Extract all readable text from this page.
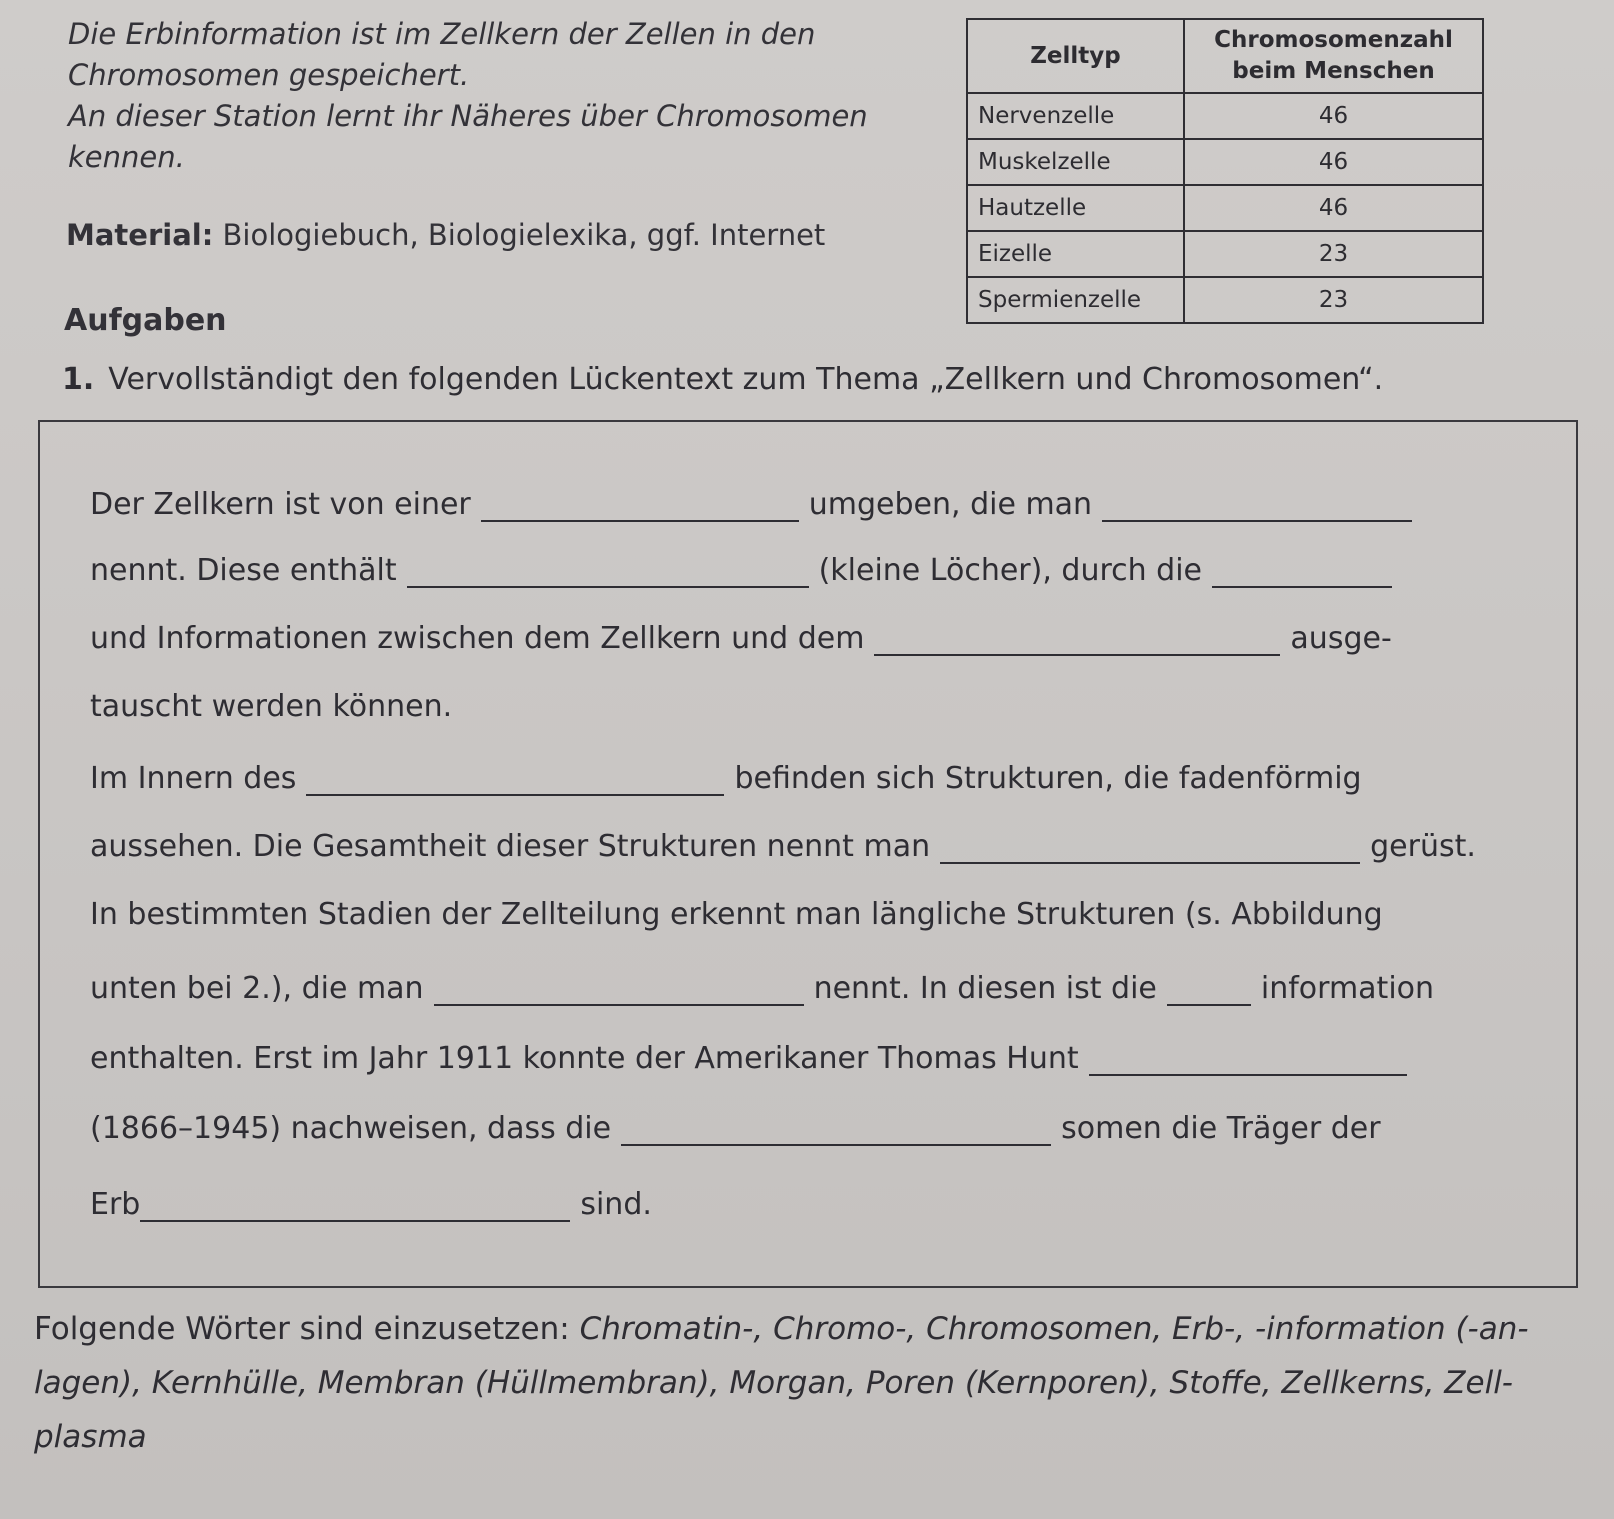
Die Erbinformation ist im Zellkern der Zellen in den

Chromosomen gespeichert.

An dieser Station lernt ihr Näheres über Chromosomen

kennen.

Material: Biologiebuch, Biologielexika, ggf. Internet
Aufgaben
1. Vervollständigt den folgenden Lückentext zum Thema „Zellkern und Chromosomen“.
Zelltyp	Chromosomenzahl
beim Menschen
Nervenzelle	46
Muskelzelle	46
Hautzelle	46
Eizelle	23
Spermienzelle	23
Der Zellkern ist von einer	umgeben, die man
nennt. Diese enthält	(kleine Löcher), durch die
und Informationen zwischen dem Zellkern und dem	ausge-
tauscht werden können.
Im Innern des	befinden sich Strukturen, die fadenförmig
aussehen. Die Gesamtheit dieser Strukturen nennt man	gerüst.
In bestimmten Stadien der Zellteilung erkennt man längliche Strukturen (s. Abbildung
unten bei 2.), die man	nennt. In diesen ist die	information
enthalten. Erst im Jahr 1911 konnte der Amerikaner Thomas Hunt
(1866–1945) nachweisen, dass die	somen die Träger der
Erb	sind.
Folgende Wörter sind einzusetzen: Chromatin-, Chromo-, Chromosomen, Erb-, -information (-an-lagen), Kernhülle, Membran (Hüllmembran), Morgan, Poren (Kernporen), Stoffe, Zellkerns, Zell-plasma
